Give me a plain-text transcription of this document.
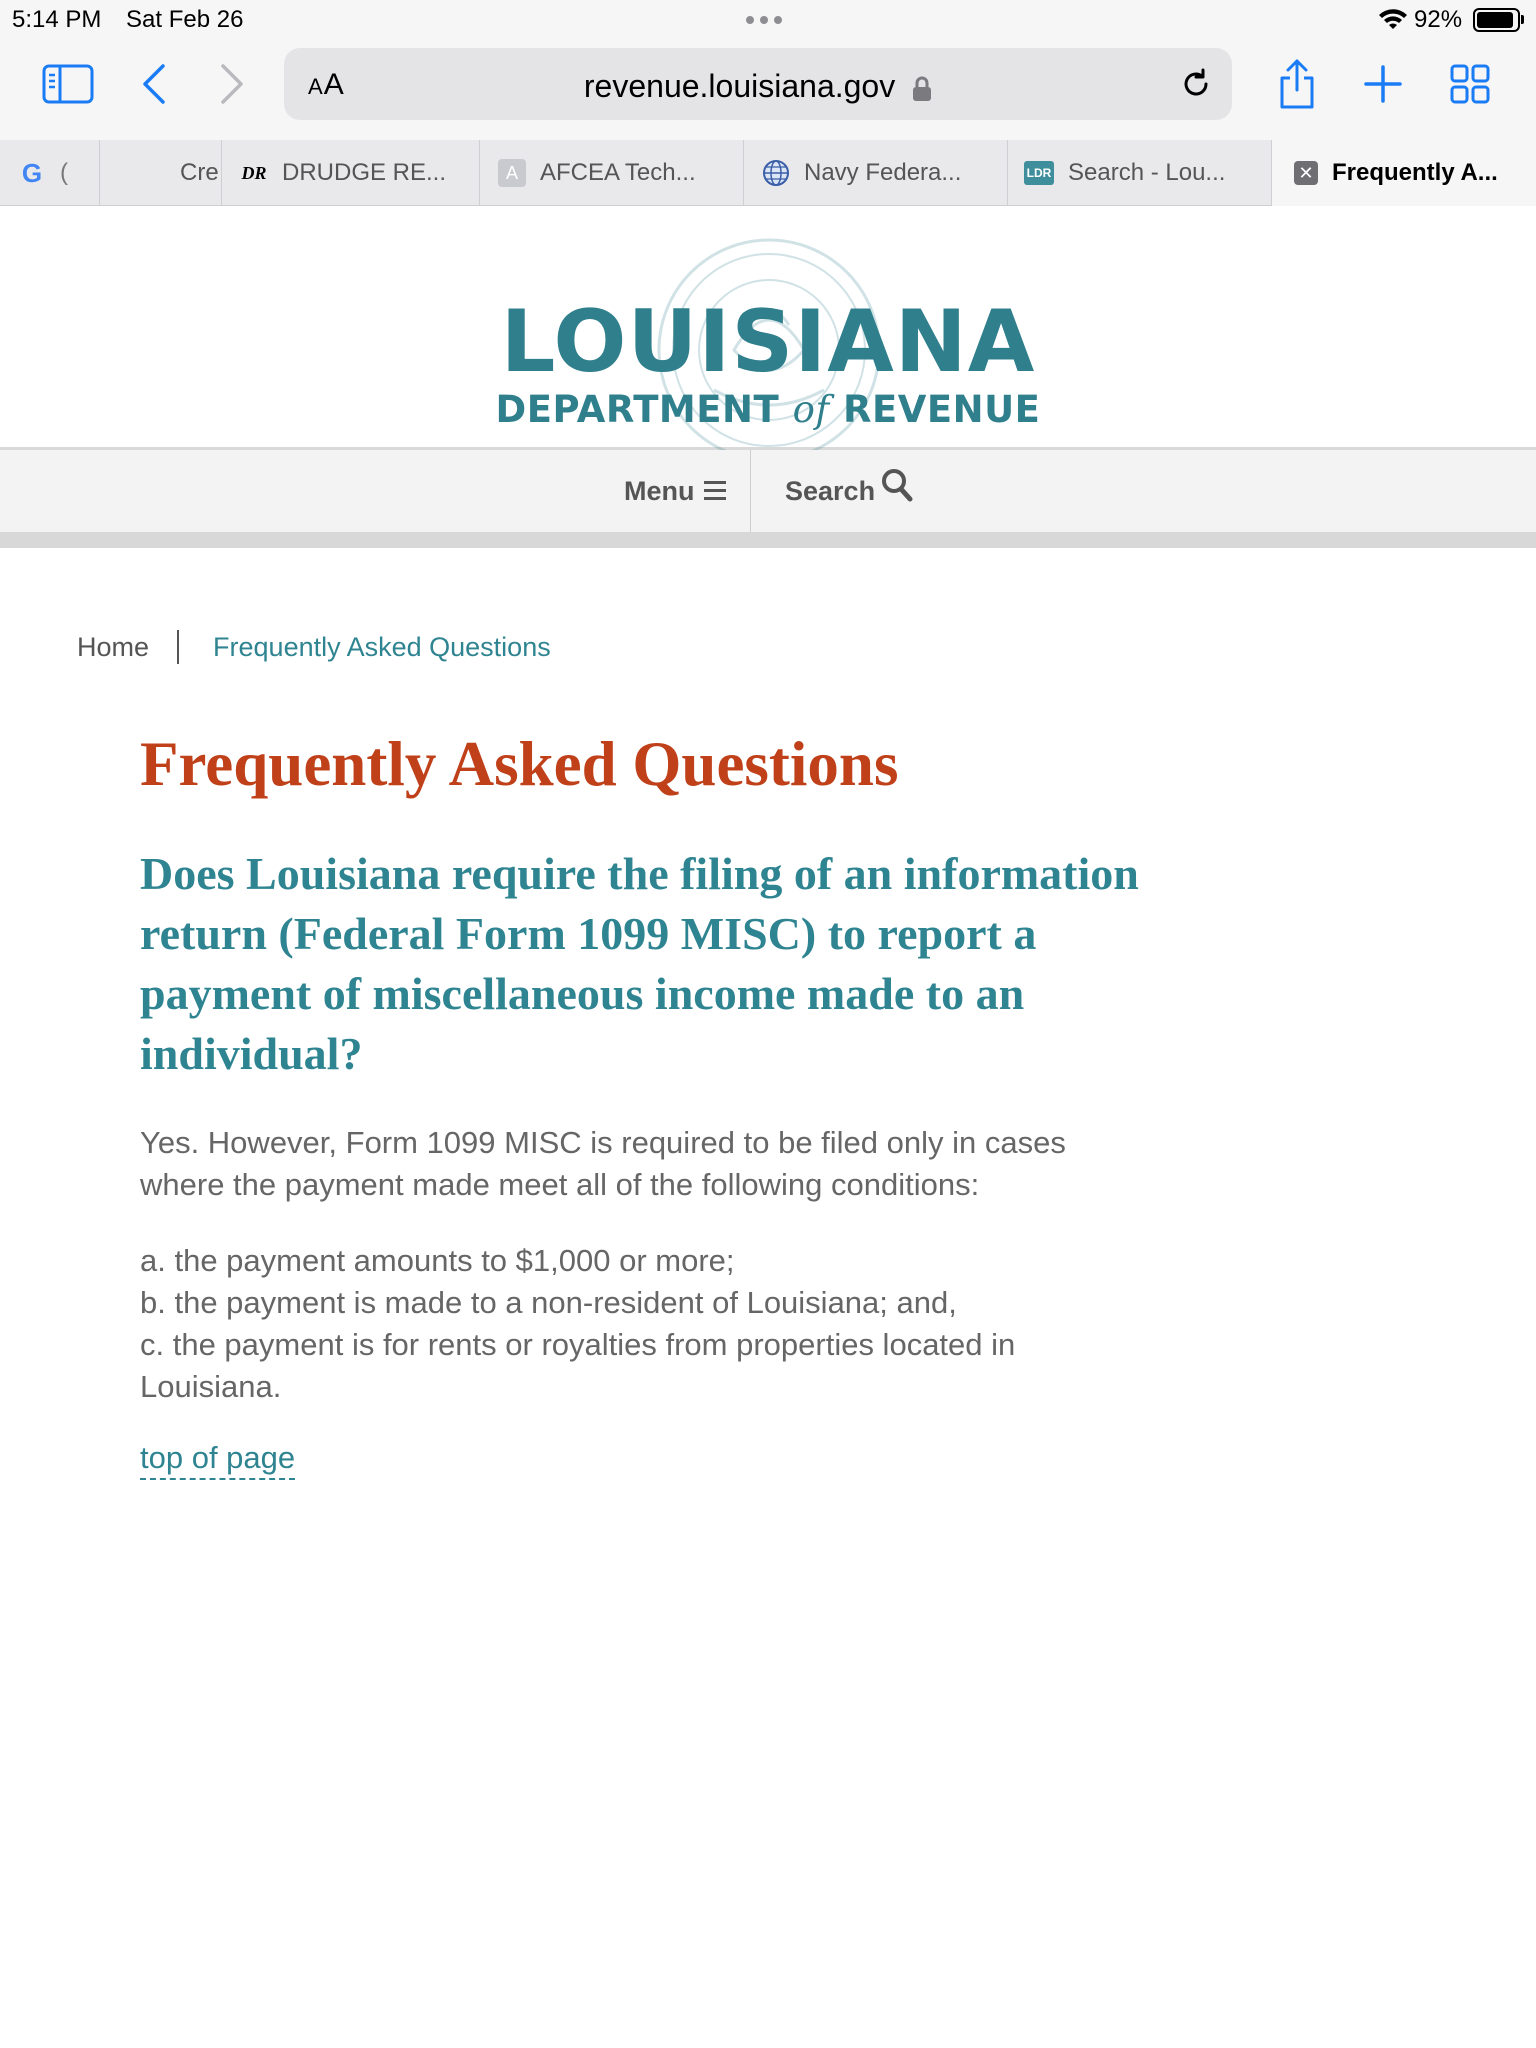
5:14 PM Sat Feb 26	92%
AA	revenue.louisiana.gov
G (	Cre DR DRUDGE RE...	A AFCEA Tech...	Navy Federa...	LDR Search - Lou...	✕ Frequently A...
LOUISIANA
DEPARTMENT of REVENUE
Menu	Search
Home Frequently Asked Questions
Frequently Asked Questions
Does Louisiana require the filing of an information return (Federal Form 1099 MISC) to report a payment of miscellaneous income made to an individual?

Yes. However, Form 1099 MISC is required to be filed only in cases where the payment made meet all of the following conditions:

a. the payment amounts to $1,000 or more;
b. the payment is made to a non-resident of Louisiana; and,
c. the payment is for rents or royalties from properties located in Louisiana.
top of page
